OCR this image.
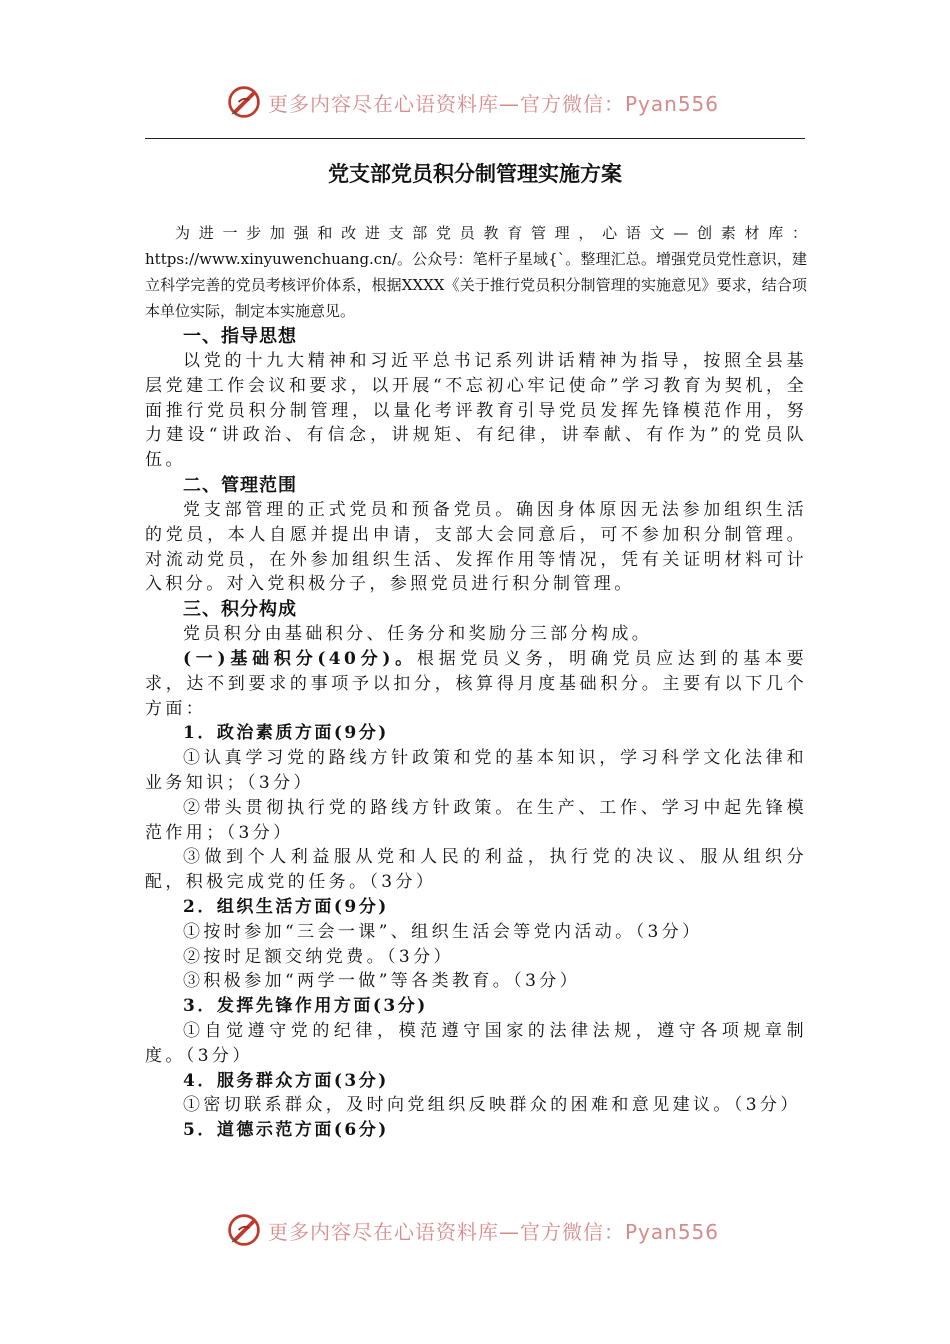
更多内容尽在心语资料库—官方微信：Pyan556
党支部党员积分制管理实施方案

为进一步加强和改进支部党员教育管理，心语文—创素材库：https://www.xinyuwenchuang.cn/。公众号：笔杆子星域{`。整理汇总。增强党员党性意识，建立科学完善的党员考核评价体系，根据XXXX《关于推行党员积分制管理的实施意见》要求，结合项本单位实际，制定本实施意见。

一、指导思想

以党的十九大精神和习近平总书记系列讲话精神为指导，按照全县基层党建工作会议和要求，以开展“不忘初心牢记使命”学习教育为契机，全面推行党员积分制管理，以量化考评教育引导党员发挥先锋模范作用，努力建设“讲政治、有信念，讲规矩、有纪律，讲奉献、有作为”的党员队伍。

二、管理范围

党支部管理的正式党员和预备党员。确因身体原因无法参加组织生活的党员，本人自愿并提出申请，支部大会同意后，可不参加积分制管理。对流动党员，在外参加组织生活、发挥作用等情况，凭有关证明材料可计入积分。对入党积极分子，参照党员进行积分制管理。

三、积分构成

党员积分由基础积分、任务分和奖励分三部分构成。

(一)基础积分(40分)。根据党员义务，明确党员应达到的基本要求，达不到要求的事项予以扣分，核算得月度基础积分。主要有以下几个方面：

1．政治素质方面(9分)

①认真学习党的路线方针政策和党的基本知识，学习科学文化法律和业务知识；（3分）

②带头贯彻执行党的路线方针政策。在生产、工作、学习中起先锋模范作用；（3分）

③做到个人利益服从党和人民的利益，执行党的决议、服从组织分配，积极完成党的任务。（3分）

2．组织生活方面(9分)

①按时参加“三会一课”、组织生活会等党内活动。（3分）

②按时足额交纳党费。（3分）

③积极参加“两学一做”等各类教育。（3分）

3．发挥先锋作用方面(3分)

①自觉遵守党的纪律，模范遵守国家的法律法规，遵守各项规章制度。（3分）

4．服务群众方面(3分)

①密切联系群众，及时向党组织反映群众的困难和意见建议。（3分）

5．道德示范方面(6分)

更多内容尽在心语资料库—官方微信：Pyan556
